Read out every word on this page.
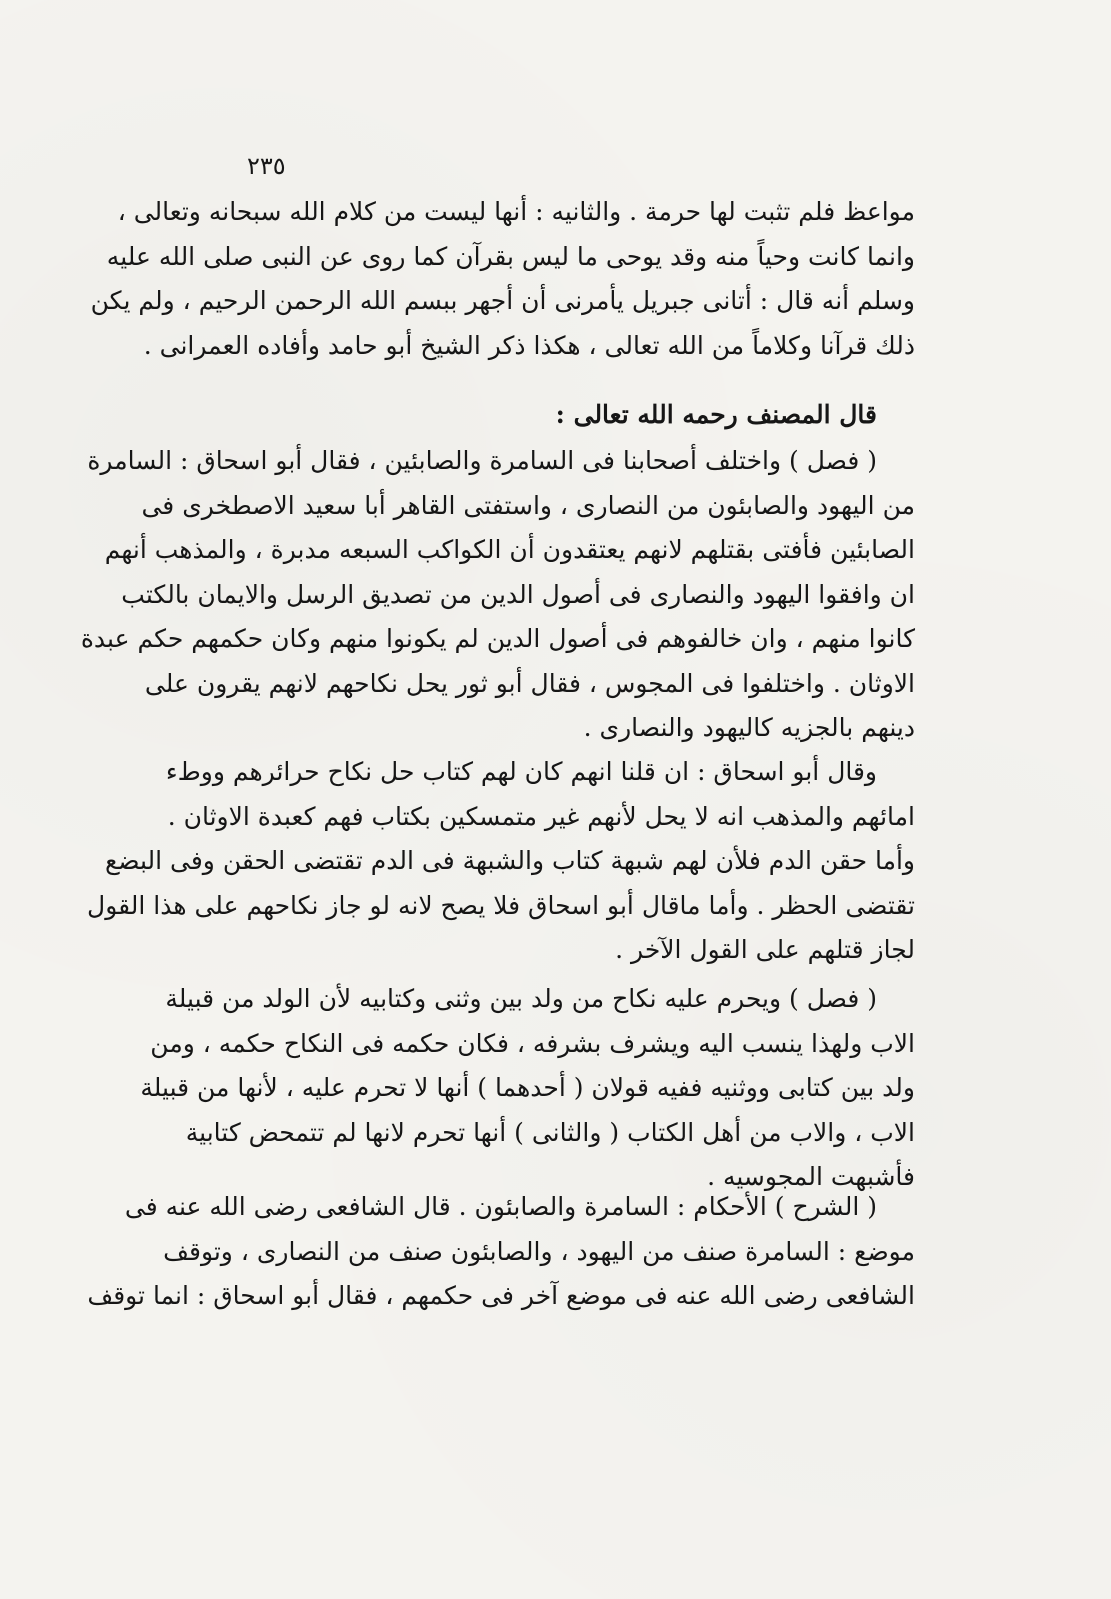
٢٣٥
مواعظ فلم تثبت لها حرمة . والثانيه : أنها ليست من كلام الله سبحانه وتعالى ،
وانما كانت وحياً منه وقد يوحى ما ليس بقرآن كما روى عن النبى صلى الله عليه
وسلم أنه قال : أتانى جبريل يأمرنى أن أجهر ببسم الله الرحمن الرحيم ، ولم يكن
ذلك قرآنا وكلاماً من الله تعالى ، هكذا ذكر الشيخ أبو حامد وأفاده العمرانى .
قال المصنف رحمه الله تعالى :
( فصل ) واختلف أصحابنا فى السامرة والصابئين ، فقال أبو اسحاق : السامرة
من اليهود والصابئون من النصارى ، واستفتى القاهر أبا سعيد الاصطخرى فى
الصابئين فأفتى بقتلهم لانهم يعتقدون أن الكواكب السبعه مدبرة ، والمذهب أنهم
ان وافقوا اليهود والنصارى فى أصول الدين من تصديق الرسل والايمان بالكتب
كانوا منهم ، وان خالفوهم فى أصول الدين لم يكونوا منهم وكان حكمهم حكم عبدة
الاوثان . واختلفوا فى المجوس ، فقال أبو ثور يحل نكاحهم لانهم يقرون على
دينهم بالجزيه كاليهود والنصارى .
وقال أبو اسحاق : ان قلنا انهم كان لهم كتاب حل نكاح حرائرهم ووطء
امائهم والمذهب انه لا يحل لأنهم غير متمسكين بكتاب فهم كعبدة الاوثان .
وأما حقن الدم فلأن لهم شبهة كتاب والشبهة فى الدم تقتضى الحقن وفى البضع
تقتضى الحظر . وأما ماقال أبو اسحاق فلا يصح لانه لو جاز نكاحهم على هذا القول
لجاز قتلهم على القول الآخر .
( فصل ) ويحرم عليه نكاح من ولد بين وثنى وكتابيه لأن الولد من قبيلة
الاب ولهذا ينسب اليه ويشرف بشرفه ، فكان حكمه فى النكاح حكمه ، ومن
ولد بين كتابى ووثنيه ففيه قولان ( أحدهما ) أنها لا تحرم عليه ، لأنها من قبيلة
الاب ، والاب من أهل الكتاب ( والثانى ) أنها تحرم لانها لم تتمحض كتابية
فأشبهت المجوسيه .
( الشرح ) الأحكام : السامرة والصابئون . قال الشافعى رضى الله عنه فى
موضع : السامرة صنف من اليهود ، والصابئون صنف من النصارى ، وتوقف
الشافعى رضى الله عنه فى موضع آخر فى حكمهم ، فقال أبو اسحاق : انما توقف
